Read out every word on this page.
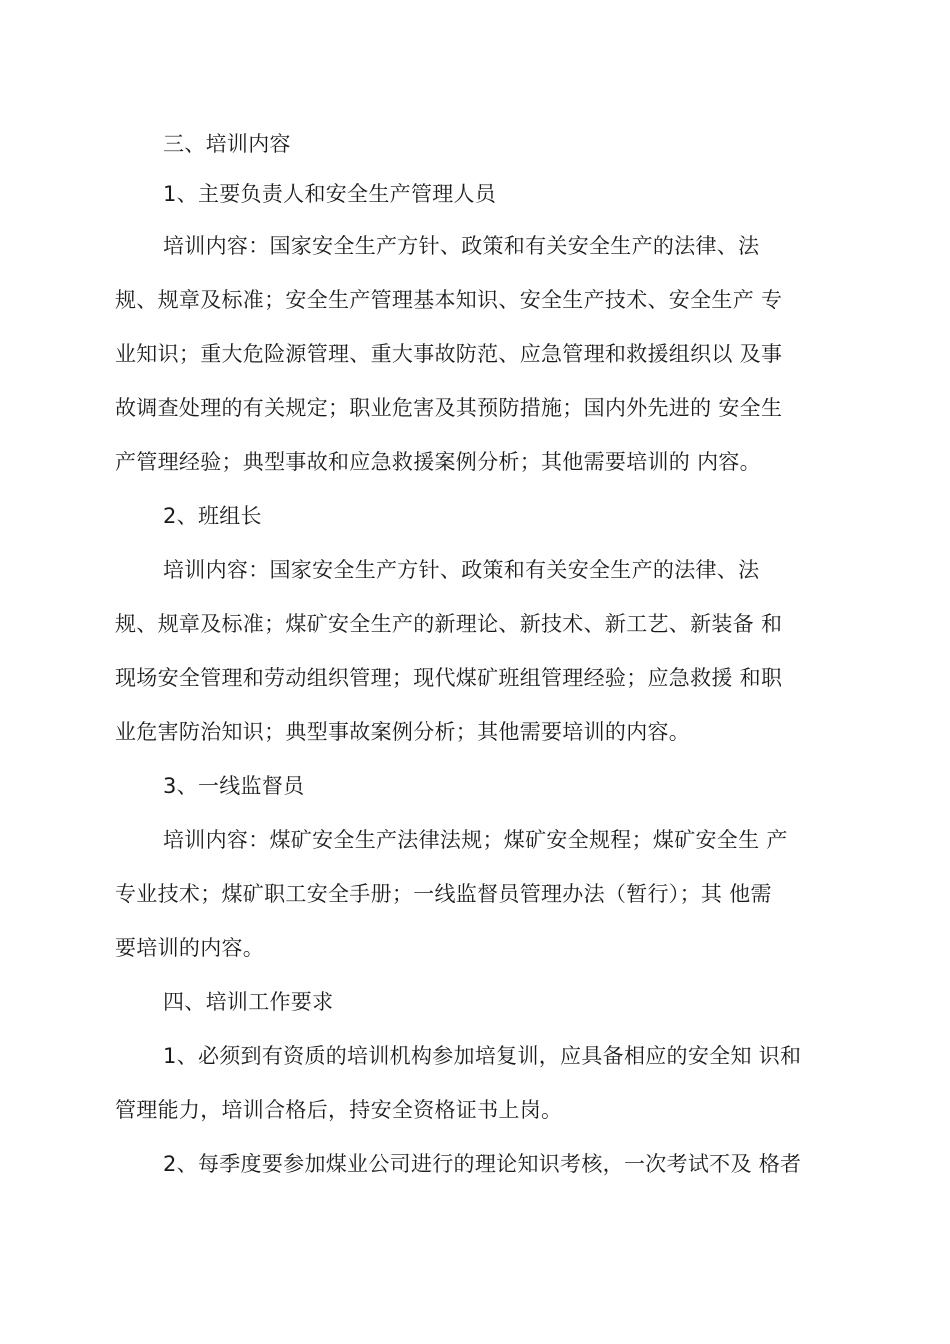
三、培训内容

1、主要负责人和安全生产管理人员

培训内容：国家安全生产方针、政策和有关安全生产的法律、法

规、规章及标准；安全生产管理基本知识、安全生产技术、安全生产 专

业知识；重大危险源管理、重大事故防范、应急管理和救援组织以 及事

故调查处理的有关规定；职业危害及其预防措施；国内外先进的 安全生

产管理经验；典型事故和应急救援案例分析；其他需要培训的 内容。

2、班组长

培训内容：国家安全生产方针、政策和有关安全生产的法律、法

规、规章及标准；煤矿安全生产的新理论、新技术、新工艺、新装备 和

现场安全管理和劳动组织管理；现代煤矿班组管理经验；应急救援 和职

业危害防治知识；典型事故案例分析；其他需要培训的内容。

3、一线监督员

培训内容：煤矿安全生产法律法规；煤矿安全规程；煤矿安全生 产

专业技术；煤矿职工安全手册；一线监督员管理办法（暂行）；其 他需

要培训的内容。

四、培训工作要求

1、必须到有资质的培训机构参加培复训，应具备相应的安全知 识和

管理能力，培训合格后，持安全资格证书上岗。

2、每季度要参加煤业公司进行的理论知识考核，一次考试不及 格者
